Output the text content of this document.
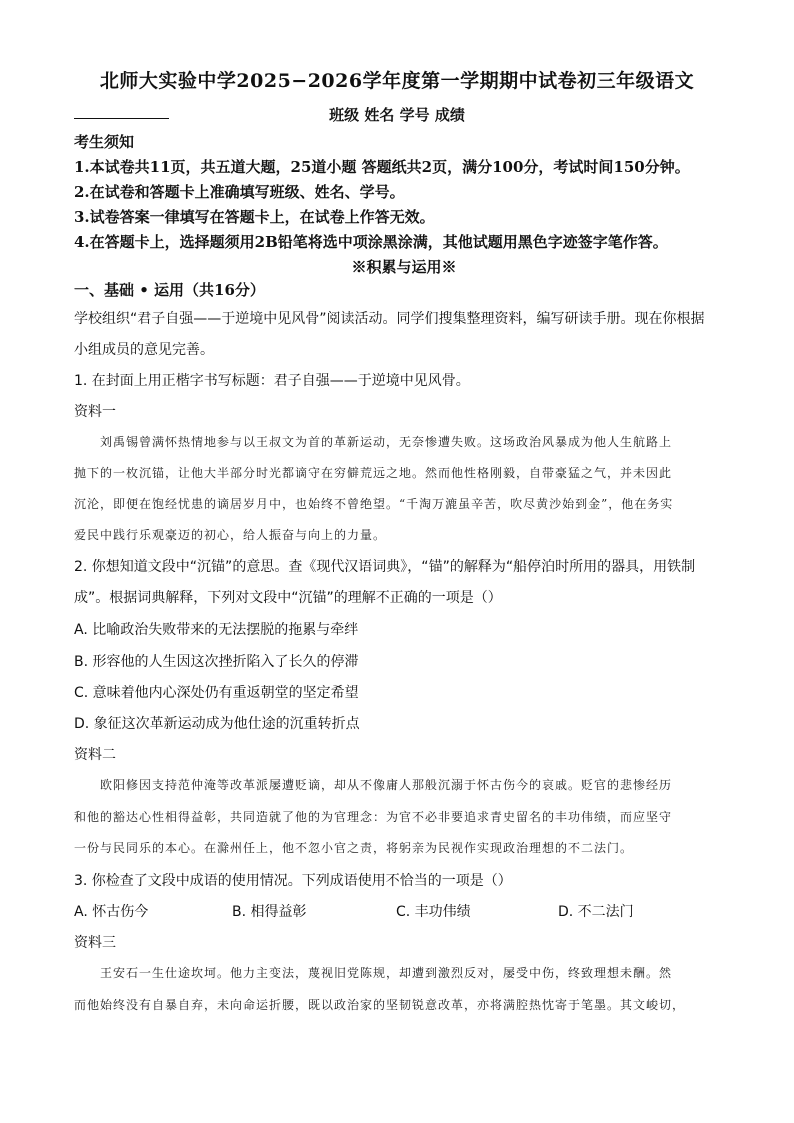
北师大实验中学2025−2026学年度第一学期期中试卷初三年级语文
班级 姓名 学号 成绩
考生须知
1.本试卷共11页，共五道大题，25道小题 答题纸共2页，满分100分，考试时间150分钟。
2.在试卷和答题卡上准确填写班级、姓名、学号。
3.试卷答案一律填写在答题卡上，在试卷上作答无效。
4.在答题卡上，选择题须用2B铅笔将选中项涂黑涂满，其他试题用黑色字迹签字笔作答。
※积累与运用※
一、基础 • 运用（共16分）
学校组织“君子自强——于逆境中见风骨”阅读活动。同学们搜集整理资料，编写研读手册。现在你根据
小组成员的意见完善。
1. 在封面上用正楷字书写标题：君子自强——于逆境中见风骨。
资料一
刘禹锡曾满怀热情地参与以王叔文为首的革新运动，无奈惨遭失败。这场政治风暴成为他人生航路上
抛下的一枚沉锚，让他大半部分时光都谪守在穷僻荒远之地。然而他性格刚毅，自带豪猛之气，并未因此
沉沦，即便在饱经忧患的谪居岁月中，也始终不曾绝望。“千淘万漉虽辛苦，吹尽黄沙始到金”，他在务实
爱民中践行乐观豪迈的初心，给人振奋与向上的力量。
2. 你想知道文段中“沉锚”的意思。查《现代汉语词典》，“锚”的解释为“船停泊时所用的器具，用铁制
成”。根据词典解释，下列对文段中“沉锚”的理解不正确的一项是（）
A. 比喻政治失败带来的无法摆脱的拖累与牵绊
B. 形容他的人生因这次挫折陷入了长久的停滞
C. 意味着他内心深处仍有重返朝堂的坚定希望
D. 象征这次革新运动成为他仕途的沉重转折点
资料二
欧阳修因支持范仲淹等改革派屡遭贬谪，却从不像庸人那般沉溺于怀古伤今的哀戚。贬官的悲惨经历
和他的豁达心性相得益彰，共同造就了他的为官理念：为官不必非要追求青史留名的丰功伟绩，而应坚守
一份与民同乐的本心。在滁州任上，他不忽小官之责，将躬亲为民视作实现政治理想的不二法门。
3. 你检查了文段中成语的使用情况。下列成语使用不恰当的一项是（）
A. 怀古伤今	B. 相得益彰	C. 丰功伟绩	D. 不二法门
资料三
王安石一生仕途坎坷。他力主变法，蔑视旧党陈规，却遭到激烈反对，屡受中伤，终致理想未酬。然
而他始终没有自暴自弃，未向命运折腰，既以政治家的坚韧锐意改革，亦将满腔热忱寄于笔墨。其文峻切，
